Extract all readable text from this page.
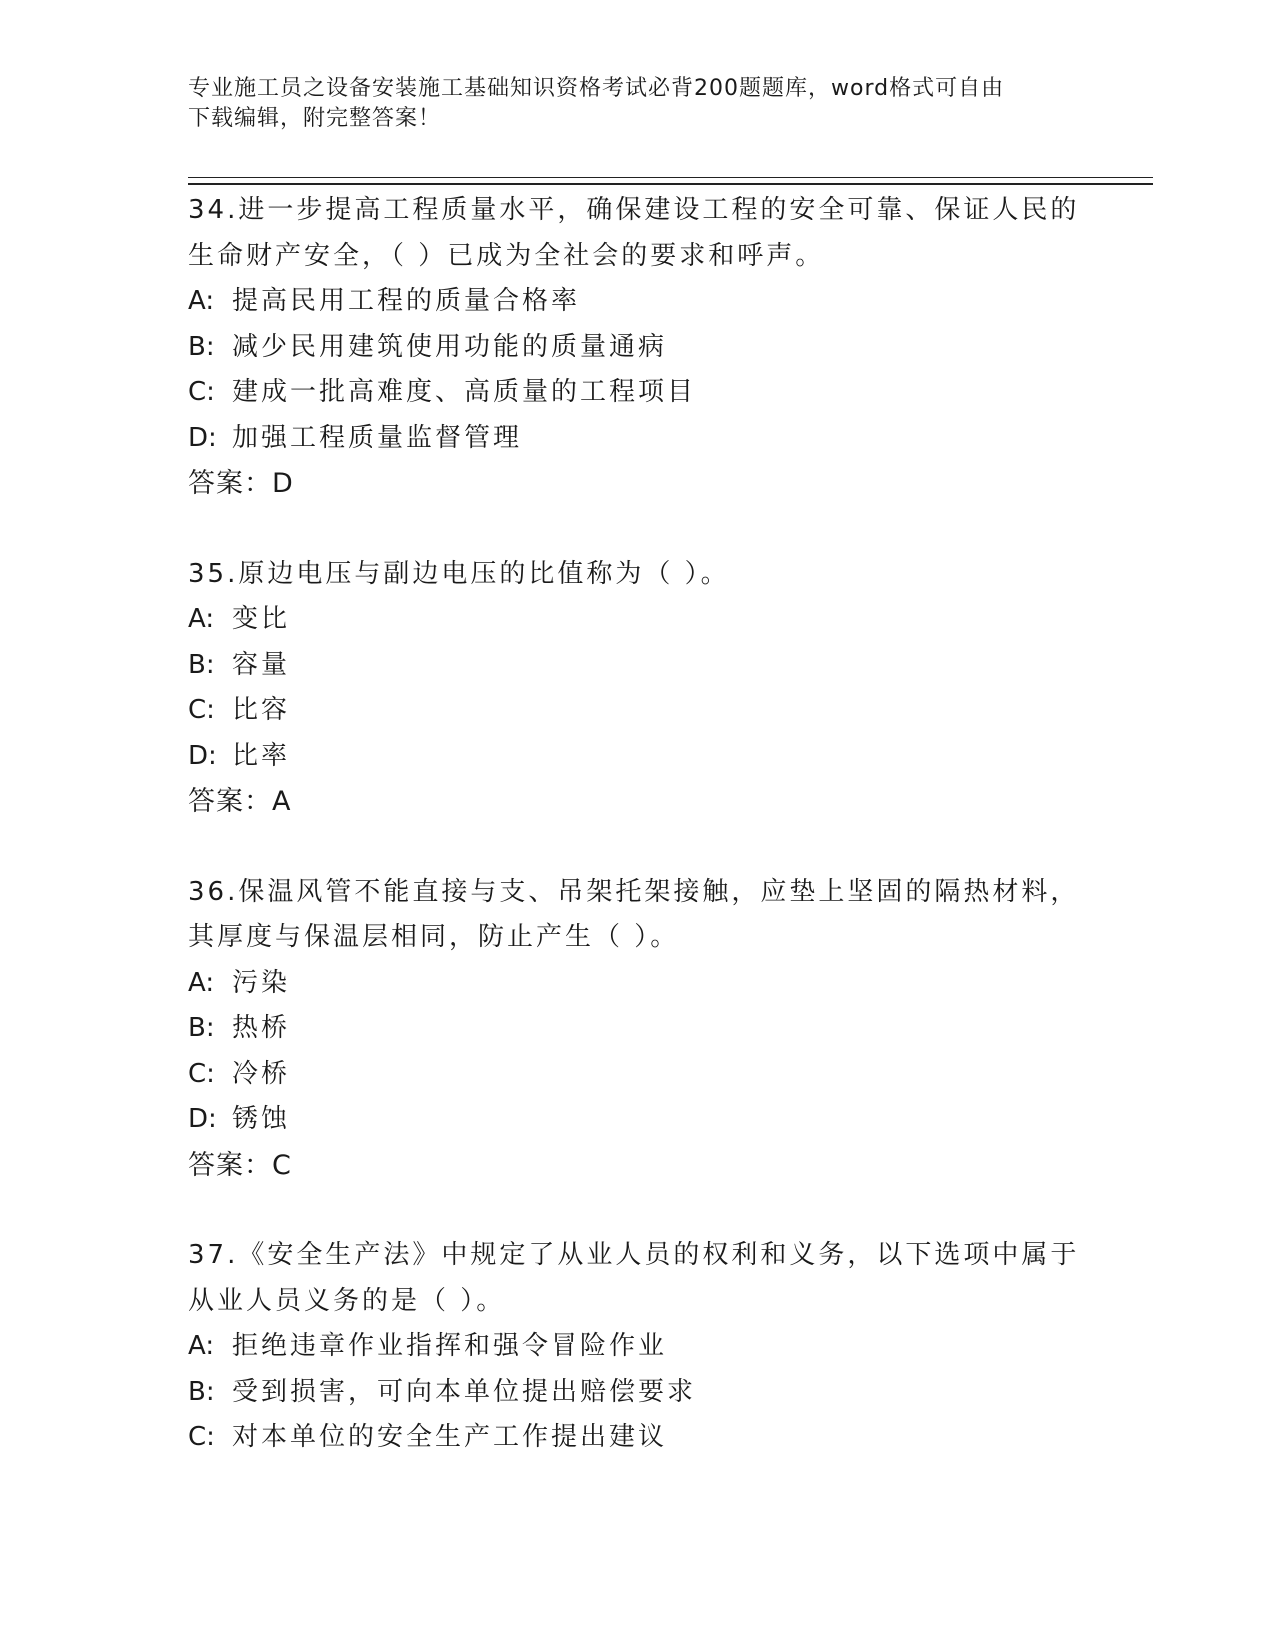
专业施工员之设备安装施工基础知识资格考试必背200题题库，word格式可自由
下载编辑，附完整答案！
34.进一步提高工程质量水平，确保建设工程的安全可靠、保证人民的
生命财产安全，（ ）已成为全社会的要求和呼声。
A: 提高民用工程的质量合格率
B: 减少民用建筑使用功能的质量通病
C: 建成一批高难度、高质量的工程项目
D: 加强工程质量监督管理
答案：D
35.原边电压与副边电压的比值称为（ ）。
A: 变比
B: 容量
C: 比容
D: 比率
答案：A
36.保温风管不能直接与支、吊架托架接触，应垫上坚固的隔热材料，
其厚度与保温层相同，防止产生（ ）。
A: 污染
B: 热桥
C: 冷桥
D: 锈蚀
答案：C
37.《安全生产法》中规定了从业人员的权利和义务，以下选项中属于
从业人员义务的是（ ）。
A: 拒绝违章作业指挥和强令冒险作业
B: 受到损害，可向本单位提出赔偿要求
C: 对本单位的安全生产工作提出建议
